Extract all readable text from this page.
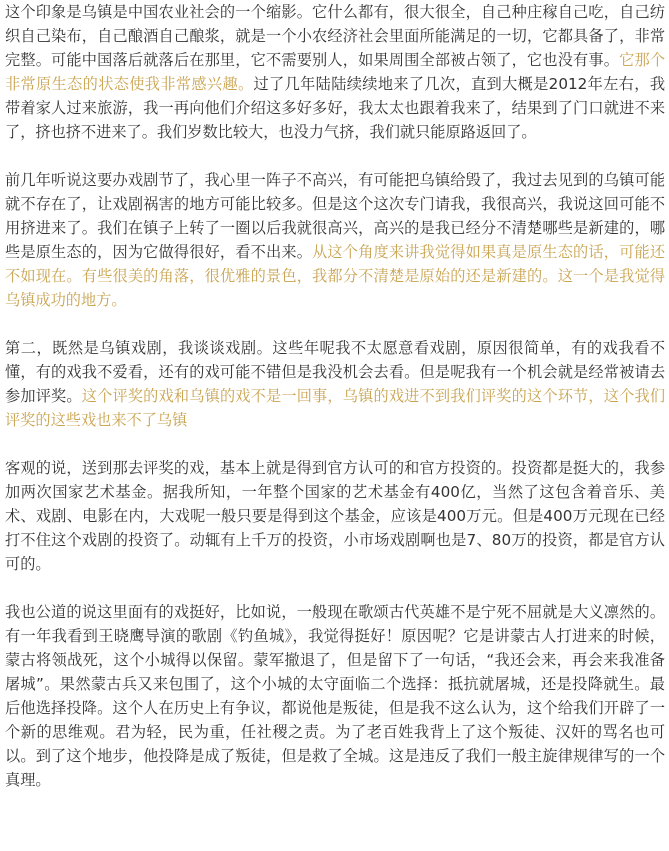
这个印象是乌镇是中国农业社会的一个缩影。它什么都有，很大很全，自己种庄稼自己吃，自己纺织自己染布，自己酿酒自己酿浆，就是一个小农经济社会里面所能满足的一切，它都具备了，非常完整。可能中国落后就落后在那里，它不需要别人，如果周围全部被占领了，它也没有事。它那个非常原生态的状态使我非常感兴趣。过了几年陆陆续续地来了几次，直到大概是2012年左右，我带着家人过来旅游，我一再向他们介绍这多好多好，我太太也跟着我来了，结果到了门口就进不来了，挤也挤不进来了。我们岁数比较大，也没力气挤，我们就只能原路返回了。

前几年听说这要办戏剧节了，我心里一阵子不高兴，有可能把乌镇给毁了，我过去见到的乌镇可能就不存在了，让戏剧祸害的地方可能比较多。但是这个这次专门请我，我很高兴，我说这回可能不用挤进来了。我们在镇子上转了一圈以后我就很高兴，高兴的是我已经分不清楚哪些是新建的，哪些是原生态的，因为它做得很好，看不出来。从这个角度来讲我觉得如果真是原生态的话，可能还不如现在。有些很美的角落，很优雅的景色，我都分不清楚是原始的还是新建的。这一个是我觉得乌镇成功的地方。

第二，既然是乌镇戏剧，我谈谈戏剧。这些年呢我不太愿意看戏剧，原因很简单，有的戏我看不懂，有的戏我不爱看，还有的戏可能不错但是我没机会去看。但是呢我有一个机会就是经常被请去参加评奖。这个评奖的戏和乌镇的戏不是一回事，乌镇的戏进不到我们评奖的这个环节，这个我们评奖的这些戏也来不了乌镇

客观的说，送到那去评奖的戏，基本上就是得到官方认可的和官方投资的。投资都是挺大的，我参加两次国家艺术基金。据我所知，一年整个国家的艺术基金有400亿，当然了这包含着音乐、美术、戏剧、电影在内，大戏呢一般只要是得到这个基金，应该是400万元。但是400万元现在已经打不住这个戏剧的投资了。动辄有上千万的投资，小市场戏剧啊也是7、80万的投资，都是官方认可的。

我也公道的说这里面有的戏挺好，比如说，一般现在歌颂古代英雄不是宁死不屈就是大义凛然的。有一年我看到王晓鹰导演的歌剧《钓鱼城》，我觉得挺好！原因呢？它是讲蒙古人打进来的时候，蒙古将领战死，这个小城得以保留。蒙军撤退了，但是留下了一句话，“我还会来，再会来我准备屠城”。果然蒙古兵又来包围了，这个小城的太守面临二个选择：抵抗就屠城，还是投降就生。最后他选择投降。这个人在历史上有争议，都说他是叛徒，但是我不这么认为，这个给我们开辟了一个新的思维观。君为轻，民为重，任社稷之责。为了老百姓我背上了这个叛徒、汉奸的骂名也可以。到了这个地步，他投降是成了叛徒，但是救了全城。这是违反了我们一般主旋律规律写的一个真理。
